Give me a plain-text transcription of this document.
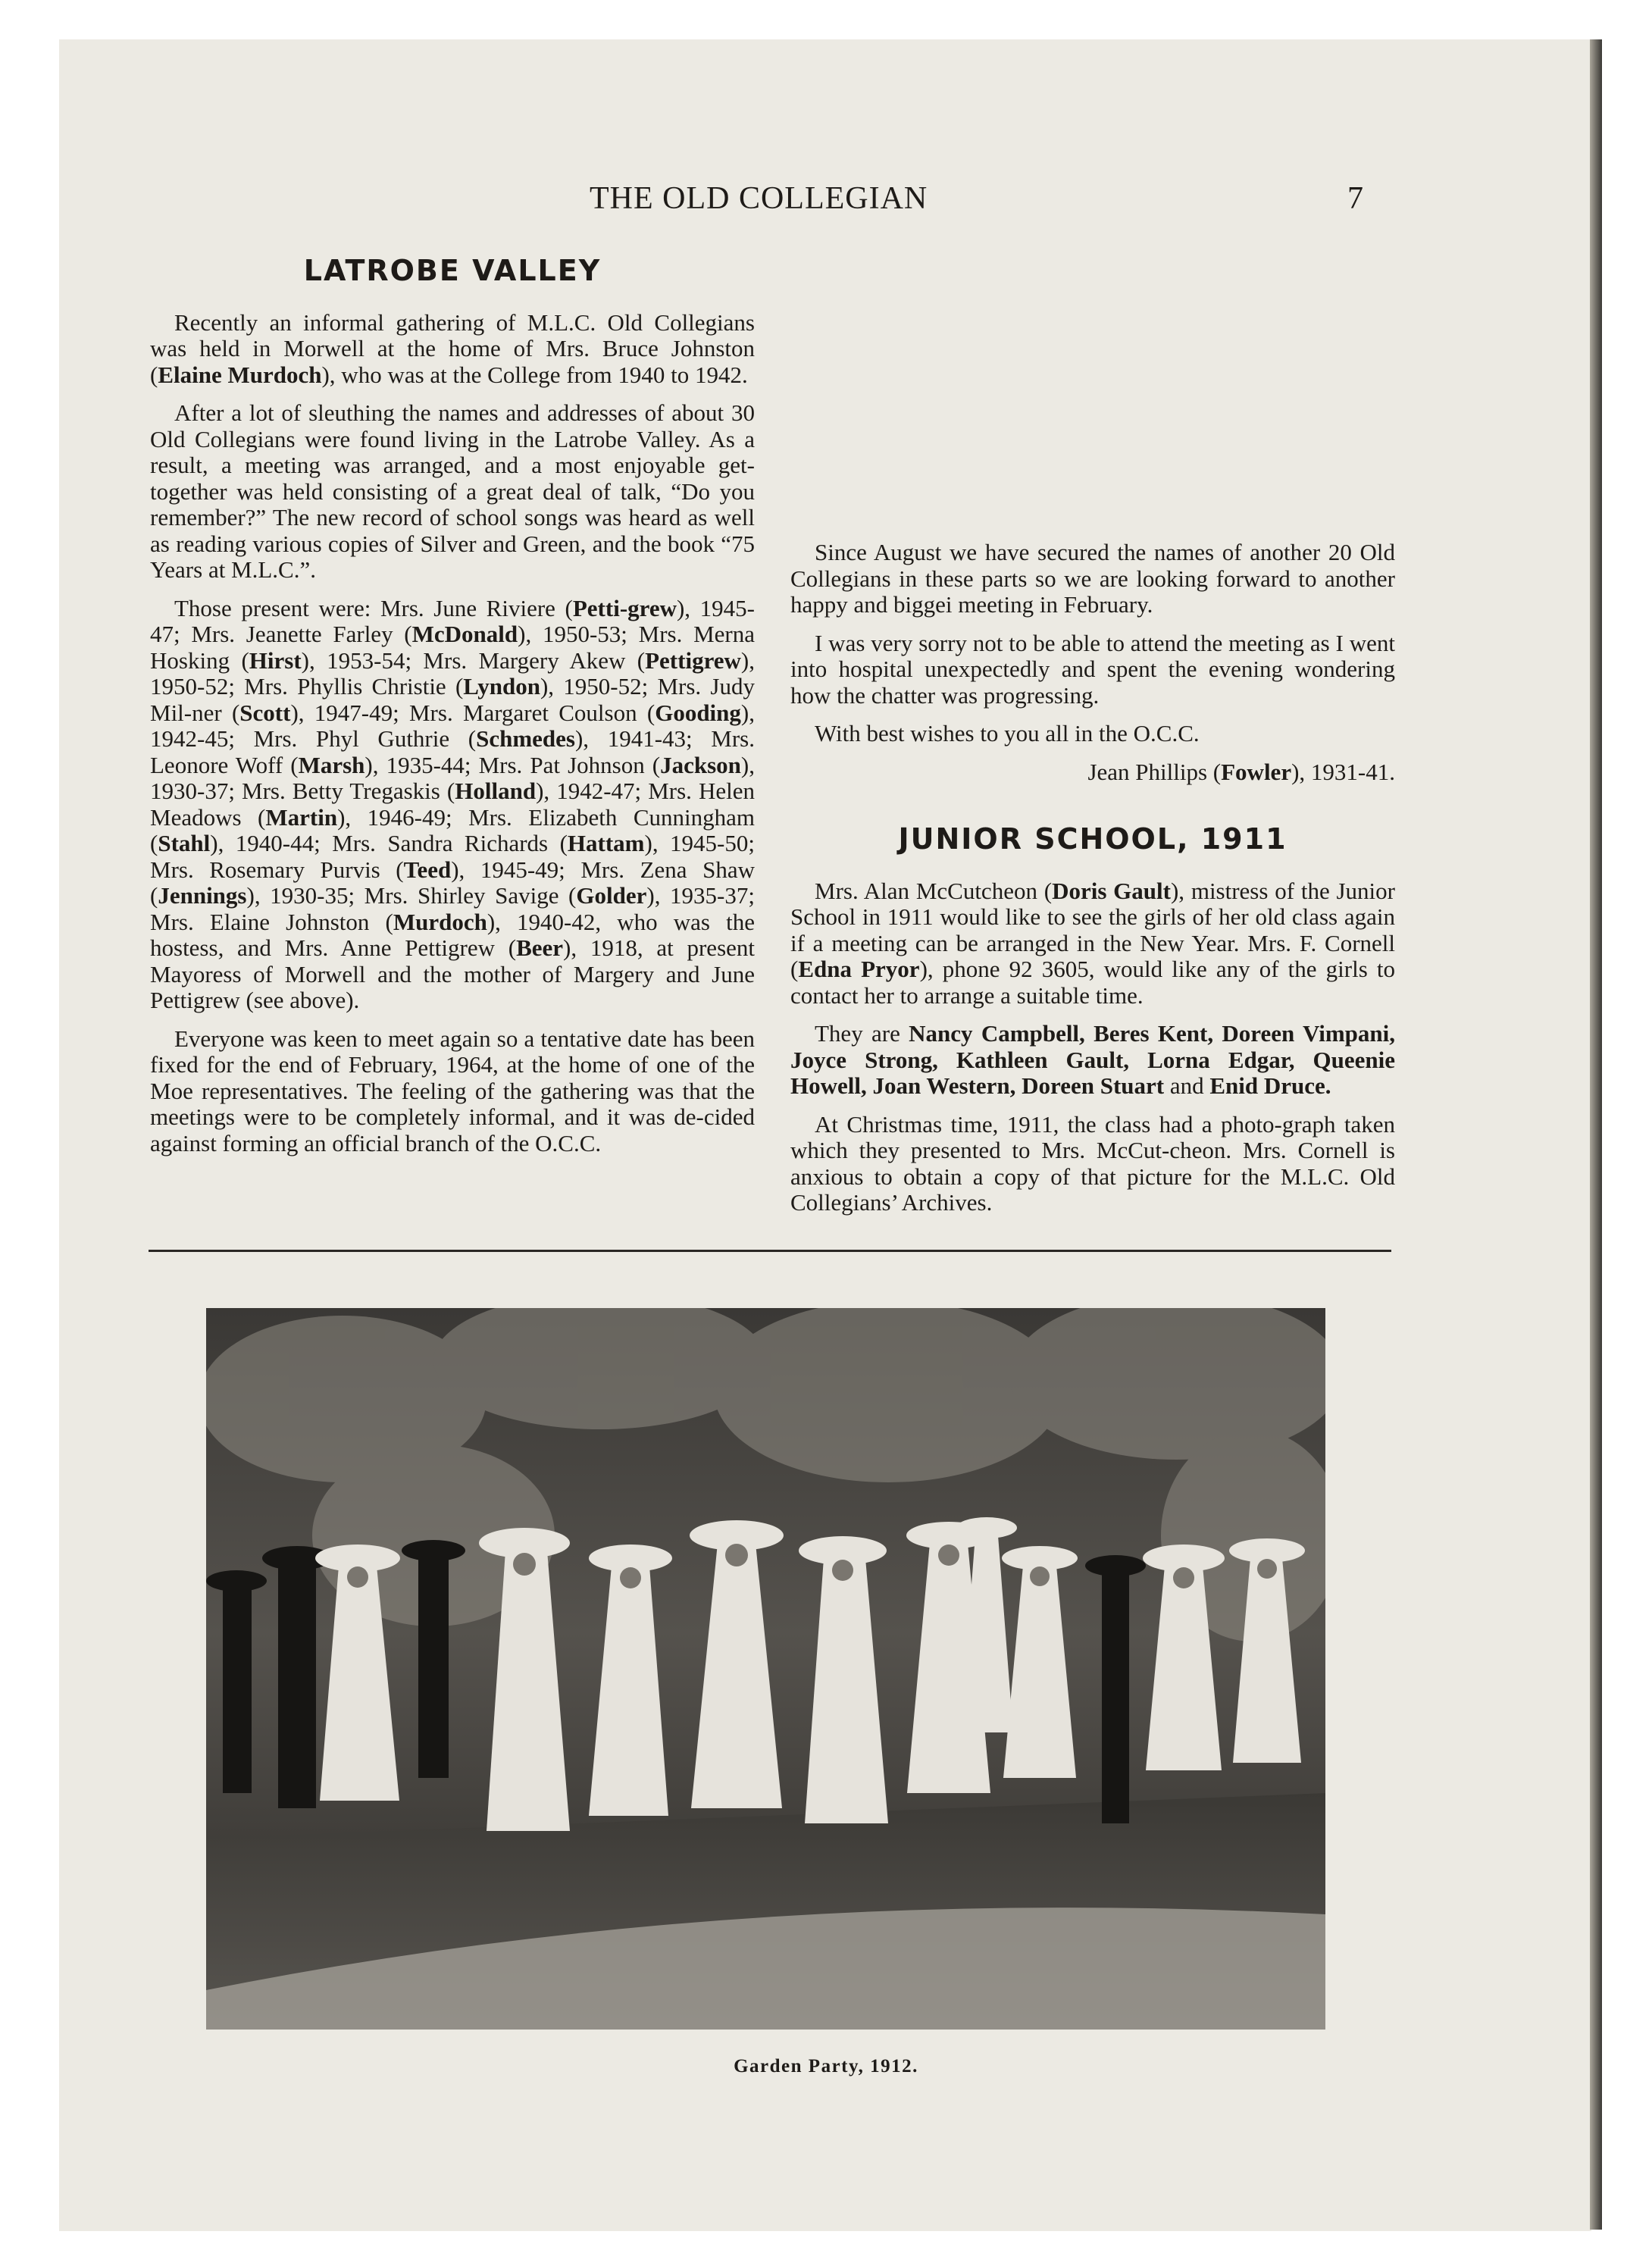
THE OLD COLLEGIAN	7
LATROBE VALLEY

Recently an informal gathering of M.L.C. Old Collegians was held in Morwell at the home of Mrs. Bruce Johnston (Elaine Murdoch), who was at the College from 1940 to 1942.

After a lot of sleuthing the names and addresses of about 30 Old Collegians were found living in the Latrobe Valley. As a result, a meeting was arranged, and a most enjoyable get-together was held consisting of a great deal of talk, “Do you remember?” The new record of school songs was heard as well as reading various copies of Silver and Green, and the book “75 Years at M.L.C.”.

Those present were: Mrs. June Riviere (Petti-grew), 1945-47; Mrs. Jeanette Farley (McDonald), 1950-53; Mrs. Merna Hosking (Hirst), 1953-54; Mrs. Margery Akew (Pettigrew), 1950-52; Mrs. Phyllis Christie (Lyndon), 1950-52; Mrs. Judy Mil-ner (Scott), 1947-49; Mrs. Margaret Coulson (Gooding), 1942-45; Mrs. Phyl Guthrie (Schmedes), 1941-43; Mrs. Leonore Woff (Marsh), 1935-44; Mrs. Pat Johnson (Jackson), 1930-37; Mrs. Betty Tregaskis (Holland), 1942-47; Mrs. Helen Meadows (Martin), 1946-49; Mrs. Elizabeth Cunningham (Stahl), 1940-44; Mrs. Sandra Richards (Hattam), 1945-50; Mrs. Rosemary Purvis (Teed), 1945-49; Mrs. Zena Shaw (Jennings), 1930-35; Mrs. Shirley Savige (Golder), 1935-37; Mrs. Elaine Johnston (Murdoch), 1940-42, who was the hostess, and Mrs. Anne Pettigrew (Beer), 1918, at present Mayoress of Morwell and the mother of Margery and June Pettigrew (see above).

Everyone was keen to meet again so a tentative date has been fixed for the end of February, 1964, at the home of one of the Moe representatives. The feeling of the gathering was that the meetings were to be completely informal, and it was de-cided against forming an official branch of the O.C.C.

Since August we have secured the names of another 20 Old Collegians in these parts so we are looking forward to another happy and biggei meeting in February.

I was very sorry not to be able to attend the meeting as I went into hospital unexpectedly and spent the evening wondering how the chatter was progressing.

With best wishes to you all in the O.C.C.

Jean Phillips (Fowler), 1931-41.
JUNIOR SCHOOL, 1911

Mrs. Alan McCutcheon (Doris Gault), mistress of the Junior School in 1911 would like to see the girls of her old class again if a meeting can be arranged in the New Year. Mrs. F. Cornell (Edna Pryor), phone 92 3605, would like any of the girls to contact her to arrange a suitable time.

They are Nancy Campbell, Beres Kent, Doreen Vimpani, Joyce Strong, Kathleen Gault, Lorna Edgar, Queenie Howell, Joan Western, Doreen Stuart and Enid Druce.

At Christmas time, 1911, the class had a photo-graph taken which they presented to Mrs. McCut-cheon. Mrs. Cornell is anxious to obtain a copy of that picture for the M.L.C. Old Collegians’ Archives.

Garden Party, 1912.
